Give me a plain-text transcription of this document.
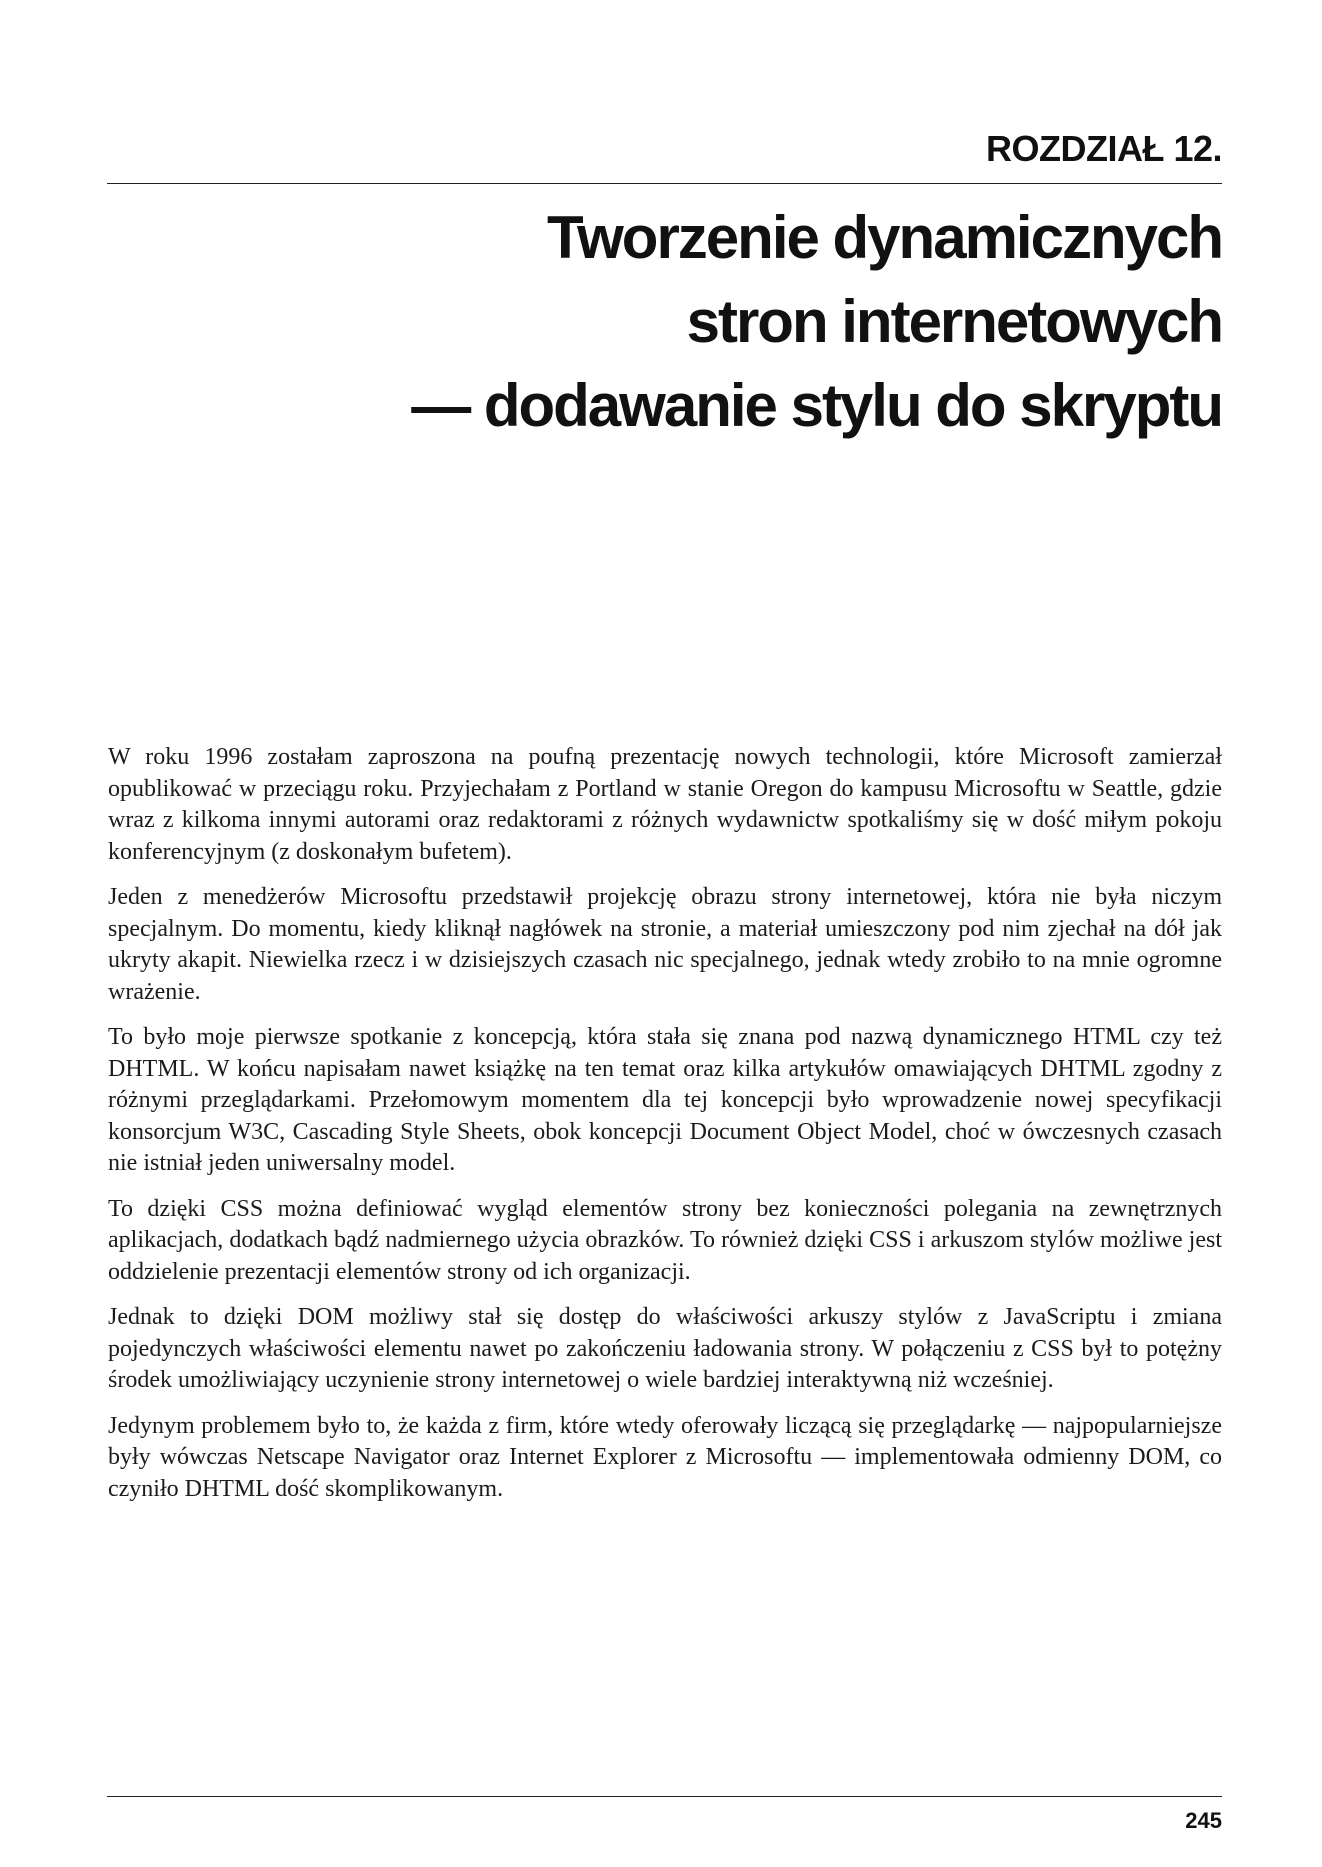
ROZDZIAŁ 12.
Tworzenie dynamicznych
stron internetowych
— dodawanie stylu do skryptu

W roku 1996 zostałam zaproszona na poufną prezentację nowych technologii, które Microsoft zamierzał opublikować w przeciągu roku. Przyjechałam z Portland w stanie Oregon do kampusu Microsoftu w Seattle, gdzie wraz z kilkoma innymi autorami oraz redaktorami z różnych wydawnictw spotkaliśmy się w dość miłym pokoju konferencyjnym (z doskonałym bufetem).

Jeden z menedżerów Microsoftu przedstawił projekcję obrazu strony internetowej, która nie była niczym specjalnym. Do momentu, kiedy kliknął nagłówek na stronie, a materiał umieszczony pod nim zjechał na dół jak ukryty akapit. Niewielka rzecz i w dzisiejszych czasach nic specjalnego, jednak wtedy zrobiło to na mnie ogromne wrażenie.

To było moje pierwsze spotkanie z koncepcją, która stała się znana pod nazwą dynamicznego HTML czy też DHTML. W końcu napisałam nawet książkę na ten temat oraz kilka artykułów omawiających DHTML zgodny z różnymi przeglądarkami. Przełomowym momentem dla tej koncepcji było wprowadzenie nowej specyfikacji konsorcjum W3C, Cascading Style Sheets, obok koncepcji Document Object Model, choć w ówczesnych czasach nie istniał jeden uniwersalny model.

To dzięki CSS można definiować wygląd elementów strony bez konieczności polegania na zewnętrznych aplikacjach, dodatkach bądź nadmiernego użycia obrazków. To również dzięki CSS i arkuszom stylów możliwe jest oddzielenie prezentacji elementów strony od ich organizacji.

Jednak to dzięki DOM możliwy stał się dostęp do właściwości arkuszy stylów z JavaScriptu i zmiana pojedynczych właściwości elementu nawet po zakończeniu ładowania strony. W połączeniu z CSS był to potężny środek umożliwiający uczynienie strony internetowej o wiele bardziej interaktywną niż wcześniej.

Jedynym problemem było to, że każda z firm, które wtedy oferowały liczącą się przeglądarkę — najpopularniejsze były wówczas Netscape Navigator oraz Internet Explorer z Microsoftu — implementowała odmienny DOM, co czyniło DHTML dość skomplikowanym.

245
